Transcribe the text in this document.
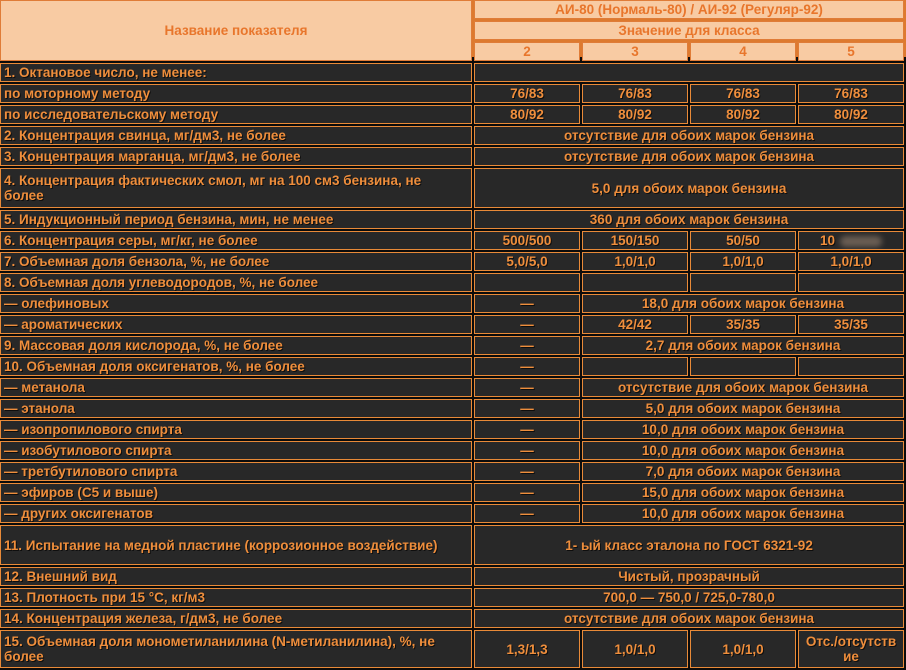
Название показателя	АИ-80 (Нормаль-80) / АИ-92 (Регуляр-92)			
	Значение для класса			
	2	3	4	5
1. Октановое число, не менее:				
по моторному методу	76/83	76/83	76/83	76/83
по исследовательскому методу	80/92	80/92	80/92	80/92
2. Концентрация свинца, мг/дм3, не более	отсутствие для обоих марок бензина			
3. Концентрация марганца, мг/дм3, не более	отсутствие для обоих марок бензина			
4. Концентрация фактических смол, мг на 100 см3 бензина, не более	5,0 для обоих марок бензина			
5. Индукционный период бензина, мин, не менее	360 для обоих марок бензина			
6. Концентрация серы, мг/кг, не более	500/500	150/150	50/50	10
7. Объемная доля бензола, %, не более	5,0/5,0	1,0/1,0	1,0/1,0	1,0/1,0
8. Объемная доля углеводородов, %, не более				
— олефиновых	—	18,0 для обоих марок бензина		
— ароматических	—	42/42	35/35	35/35
9. Массовая доля кислорода, %, не более	—	2,7 для обоих марок бензина		
10. Объемная доля оксигенатов, %, не более	—			
— метанола	—	отсутствие для обоих марок бензина		
— этанола	—	5,0 для обоих марок бензина		
— изопропилового спирта	—	10,0 для обоих марок бензина		
— изобутилового спирта	—	10,0 для обоих марок бензина		
— третбутилового спирта	—	7,0 для обоих марок бензина		
— эфиров (С5 и выше)	—	15,0 для обоих марок бензина		
— других оксигенатов	—	10,0 для обоих марок бензина		
11. Испытание на медной пластине (коррозионное воздействие)	1- ый класс эталона по ГОСТ 6321-92			
12. Внешний вид	Чистый, прозрачный			
13. Плотность при 15 °C, кг/м3	700,0 — 750,0 / 725,0-780,0			
14. Концентрация железа, г/дм3, не более	отсутствие для обоих марок бензина			
15. Объемная доля монометиланилина (N-метиланилина), %, не более	1,3/1,3	1,0/1,0	1,0/1,0	Отс./отсутствие
